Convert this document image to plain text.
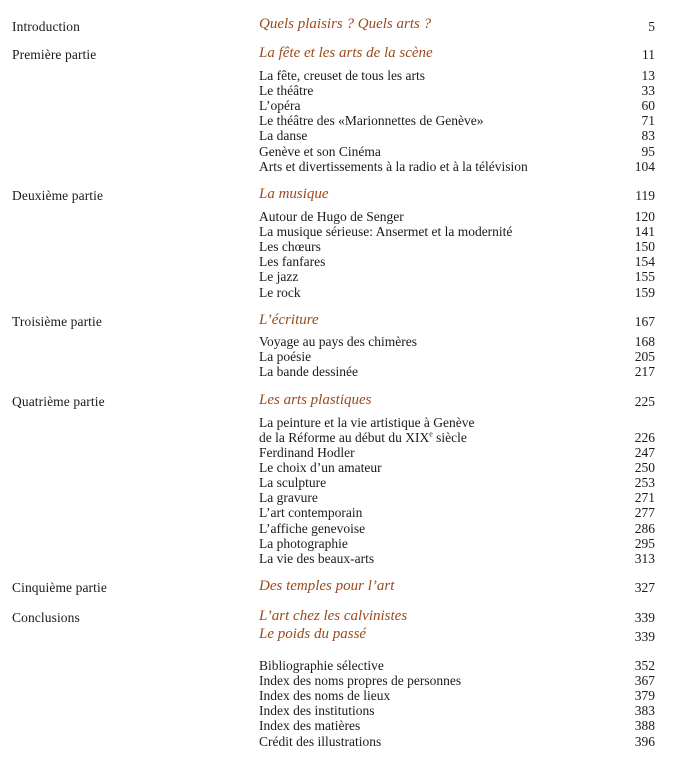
Introduction	Quels plaisirs ? Quels arts ?	5
Première partie	La fête et les arts de la scène	11
La fête, creuset de tous les arts	13
Le théâtre	33
L’opéra	60
Le théâtre des «Marionnettes de Genève»	71
La danse	83
Genève et son Cinéma	95
Arts et divertissements à la radio et à la télévision	104
Deuxième partie	La musique	119
Autour de Hugo de Senger	120
La musique sérieuse: Ansermet et la modernité	141
Les chœurs	150
Les fanfares	154
Le jazz	155
Le rock	159
Troisième partie	L’écriture	167
Voyage au pays des chimères	168
La poésie	205
La bande dessinée	217
Quatrième partie	Les arts plastiques	225
La peinture et la vie artistique à Genève
de la Réforme au début du XIXe siècle	226
Ferdinand Hodler	247
Le choix d’un amateur	250
La sculpture	253
La gravure	271
L’art contemporain	277
L’affiche genevoise	286
La photographie	295
La vie des beaux-arts	313
Cinquième partie	Des temples pour l’art	327
Conclusions	L’art chez les calvinistes	339
Le poids du passé	339
Bibliographie sélective	352
Index des noms propres de personnes	367
Index des noms de lieux	379
Index des institutions	383
Index des matières	388
Crédit des illustrations	396
